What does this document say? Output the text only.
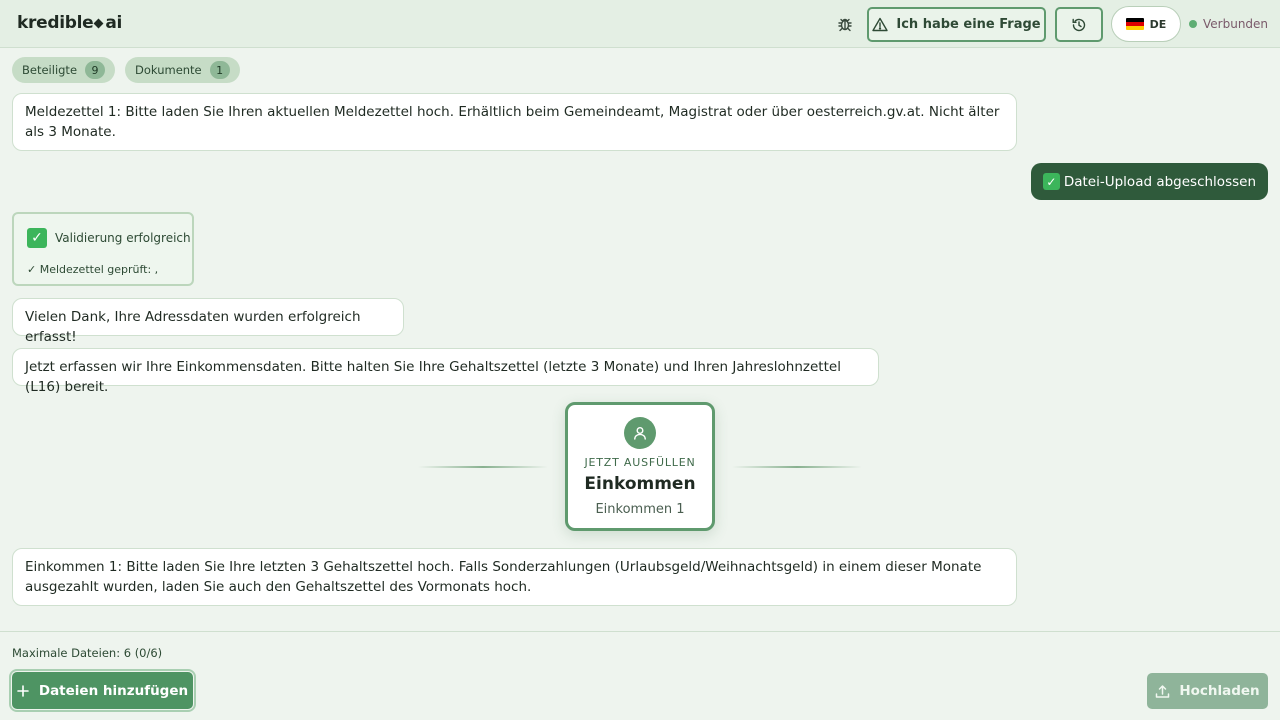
kredible ai	Ich habe eine Frage	DE	Verbunden
Beteiligte	9	Dokumente	1
Meldezettel 1: Bitte laden Sie Ihren aktuellen Meldezettel hoch. Erhältlich beim Gemeindeamt, Magistrat oder über oesterreich.gv.at. Nicht älter als 3 Monate.
✓ Datei-Upload abgeschlossen
✓	Validierung erfolgreich
✓ Meldezettel geprüft: ,
Vielen Dank, Ihre Adressdaten wurden erfolgreich erfasst!
Jetzt erfassen wir Ihre Einkommensdaten. Bitte halten Sie Ihre Gehaltszettel (letzte 3 Monate) und Ihren Jahreslohnzettel (L16) bereit.
JETZT AUSFÜLLEN
Einkommen
Einkommen 1
Einkommen 1: Bitte laden Sie Ihre letzten 3 Gehaltszettel hoch. Falls Sonderzahlungen (Urlaubsgeld/Weihnachtsgeld) in einem dieser Monate ausgezahlt wurden, laden Sie auch den Gehaltszettel des Vormonats hoch.
Maximale Dateien: 6 (0/6)
Dateien hinzufügen	Hochladen
